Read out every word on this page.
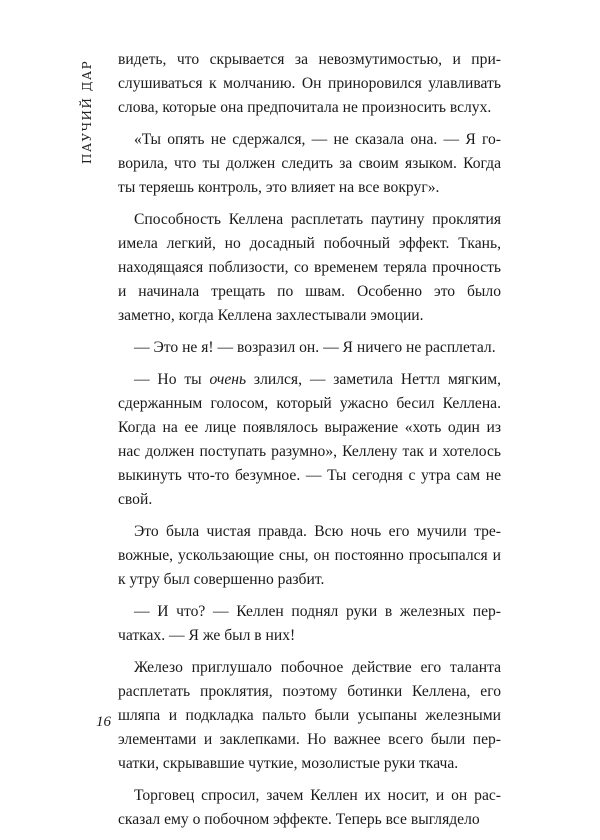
ПАУЧИЙ ДАР

видеть, что скрывается за невозмутимостью, и прислушиваться к молчанию. Он приноровился улавливать слова, которые она предпочитала не произносить вслух.

«Ты опять не сдержался, — не сказала она. — Я говорила, что ты должен следить за своим языком. Когда ты теряешь контроль, это влияет на все вокруг».

Способность Келлена расплетать паутину проклятия имела легкий, но досадный побочный эффект. Ткань, находящаяся поблизости, со временем теряла прочность и начинала трещать по швам. Особенно это было заметно, когда Келлена захлестывали эмоции.

— Это не я! — возразил он. — Я ничего не расплетал.

— Но ты очень злился, — заметила Неттл мягким, сдержанным голосом, который ужасно бесил Келлена. Когда на ее лице появлялось выражение «хоть один из нас должен поступать разумно», Келлену так и хотелось выкинуть что-то безумное. — Ты сегодня с утра сам не свой.

Это была чистая правда. Всю ночь его мучили тревожные, ускользающие сны, он постоянно просыпался и к утру был совершенно разбит.

— И что? — Келлен поднял руки в железных перчатках. — Я же был в них!

Железо приглушало побочное действие его таланта расплетать проклятия, поэтому ботинки Келлена, его шляпа и подкладка пальто были усыпаны железными элементами и заклепками. Но важнее всего были перчатки, скрывавшие чуткие, мозолистые руки ткача.

Торговец спросил, зачем Келлен их носит, и он рассказал ему о побочном эффекте. Теперь все выглядело

16
